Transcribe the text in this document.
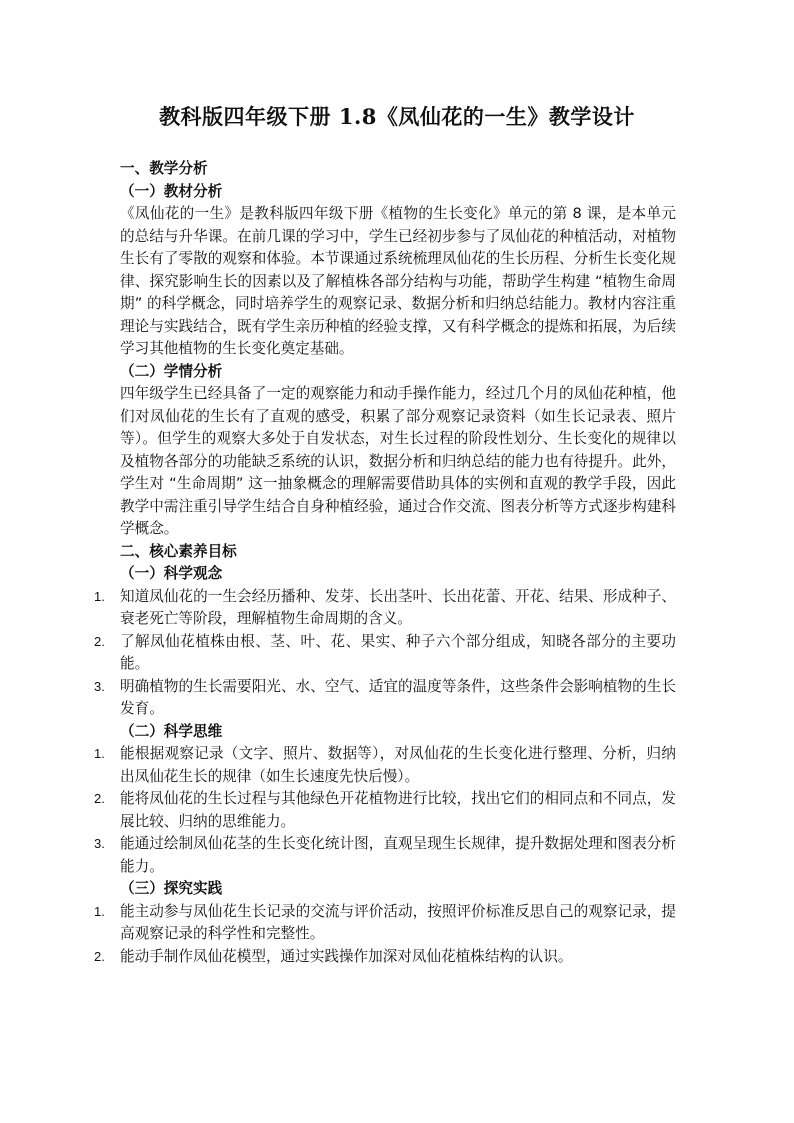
教科版四年级下册 1.8《凤仙花的一生》教学设计

一、教学分析

（一）教材分析

《凤仙花的一生》是教科版四年级下册《植物的生长变化》单元的第 8 课，是本单元的总结与升华课。在前几课的学习中，学生已经初步参与了凤仙花的种植活动，对植物生长有了零散的观察和体验。本节课通过系统梳理凤仙花的生长历程、分析生长变化规律、探究影响生长的因素以及了解植株各部分结构与功能，帮助学生构建 “植物生命周期” 的科学概念，同时培养学生的观察记录、数据分析和归纳总结能力。教材内容注重理论与实践结合，既有学生亲历种植的经验支撑，又有科学概念的提炼和拓展，为后续学习其他植物的生长变化奠定基础。

（二）学情分析

四年级学生已经具备了一定的观察能力和动手操作能力，经过几个月的凤仙花种植，他们对凤仙花的生长有了直观的感受，积累了部分观察记录资料（如生长记录表、照片等）。但学生的观察大多处于自发状态，对生长过程的阶段性划分、生长变化的规律以及植物各部分的功能缺乏系统的认识，数据分析和归纳总结的能力也有待提升。此外，学生对 “生命周期” 这一抽象概念的理解需要借助具体的实例和直观的教学手段，因此教学中需注重引导学生结合自身种植经验，通过合作交流、图表分析等方式逐步构建科学概念。

二、核心素养目标

（一）科学观念

1. 知道凤仙花的一生会经历播种、发芽、长出茎叶、长出花蕾、开花、结果、形成种子、衰老死亡等阶段，理解植物生命周期的含义。
2. 了解凤仙花植株由根、茎、叶、花、果实、种子六个部分组成，知晓各部分的主要功能。
3. 明确植物的生长需要阳光、水、空气、适宜的温度等条件，这些条件会影响植物的生长发育。

（二）科学思维

1. 能根据观察记录（文字、照片、数据等），对凤仙花的生长变化进行整理、分析，归纳出凤仙花生长的规律（如生长速度先快后慢）。
2. 能将凤仙花的生长过程与其他绿色开花植物进行比较，找出它们的相同点和不同点，发展比较、归纳的思维能力。
3. 能通过绘制凤仙花茎的生长变化统计图，直观呈现生长规律，提升数据处理和图表分析能力。

（三）探究实践

1. 能主动参与凤仙花生长记录的交流与评价活动，按照评价标准反思自己的观察记录，提高观察记录的科学性和完整性。
2. 能动手制作凤仙花模型，通过实践操作加深对凤仙花植株结构的认识。
